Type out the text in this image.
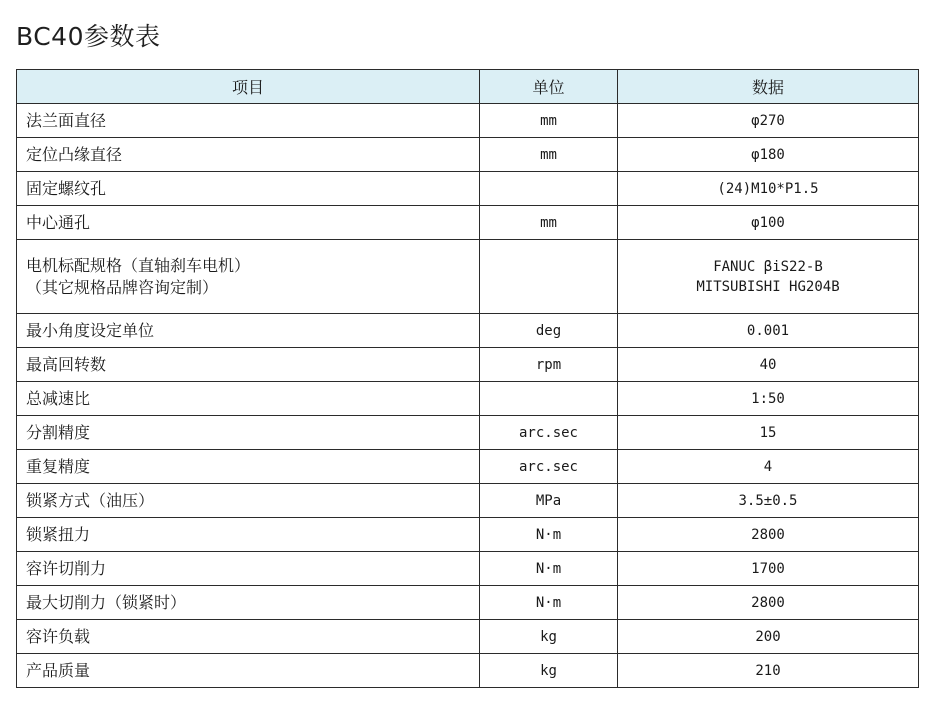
BC40参数表
项目	单位	数据

法兰面直径	mm	φ270

定位凸缘直径	mm	φ180

固定螺纹孔		(24)M10*P1.5

中心通孔	mm	φ100

电机标配规格（直轴刹车电机）
（其它规格品牌咨询定制）		FANUC βiS22-B
MITSUBISHI HG204B

最小角度设定单位	deg	0.001

最高回转数	rpm	40

总减速比		1:50

分割精度	arc.sec	15

重复精度	arc.sec	4

锁紧方式（油压）	MPa	3.5±0.5

锁紧扭力	N·m	2800

容许切削力	N·m	1700

最大切削力（锁紧时）	N·m	2800

容许负载	kg	200

产品质量	kg	210
